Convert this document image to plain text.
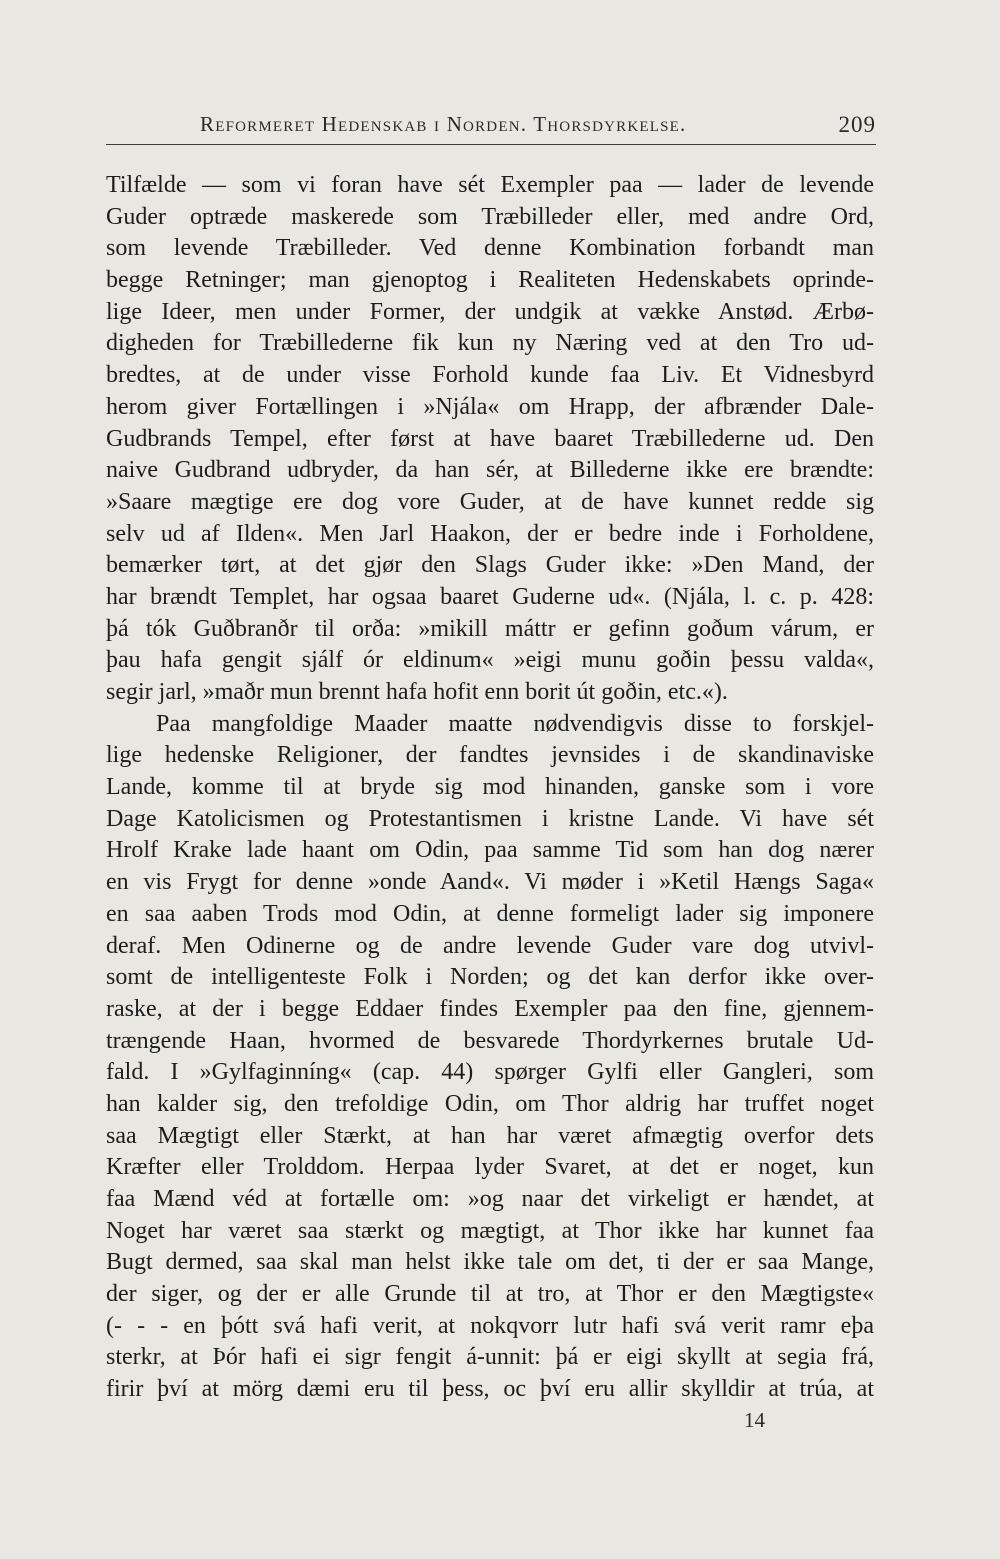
Reformeret Hedenskab i Norden. Thorsdyrkelse.	209
Tilfælde — som vi foran have sét Exempler paa — lader de levende
Guder optræde maskerede som Træbilleder eller, med andre Ord,
som levende Træbilleder. Ved denne Kombination forbandt man
begge Retninger; man gjenoptog i Realiteten Hedenskabets oprinde-
lige Ideer, men under Former, der undgik at vække Anstød. Ærbø-
digheden for Træbillederne fik kun ny Næring ved at den Tro ud-
bredtes, at de under visse Forhold kunde faa Liv. Et Vidnesbyrd
herom giver Fortællingen i »Njála« om Hrapp, der afbrænder Dale-
Gudbrands Tempel, efter først at have baaret Træbillederne ud. Den
naive Gudbrand udbryder, da han sér, at Billederne ikke ere brændte:
»Saare mægtige ere dog vore Guder, at de have kunnet redde sig
selv ud af Ilden«. Men Jarl Haakon, der er bedre inde i Forholdene,
bemærker tørt, at det gjør den Slags Guder ikke: »Den Mand, der
har brændt Templet, har ogsaa baaret Guderne ud«. (Njála, l. c. p. 428:
þá tók Guðbranðr til orða: »mikill máttr er gefinn goðum várum, er
þau hafa gengit sjálf ór eldinum« »eigi munu goðin þessu valda«,
segir jarl, »maðr mun brennt hafa hofit enn borit út goðin, etc.«).
Paa mangfoldige Maader maatte nødvendigvis disse to forskjel-
lige hedenske Religioner, der fandtes jevnsides i de skandinaviske
Lande, komme til at bryde sig mod hinanden, ganske som i vore
Dage Katolicismen og Protestantismen i kristne Lande. Vi have sét
Hrolf Krake lade haant om Odin, paa samme Tid som han dog nærer
en vis Frygt for denne »onde Aand«. Vi møder i »Ketil Hængs Saga«
en saa aaben Trods mod Odin, at denne formeligt lader sig imponere
deraf. Men Odinerne og de andre levende Guder vare dog utvivl-
somt de intelligenteste Folk i Norden; og det kan derfor ikke over-
raske, at der i begge Eddaer findes Exempler paa den fine, gjennem-
trængende Haan, hvormed de besvarede Thordyrkernes brutale Ud-
fald. I »Gylfaginníng« (cap. 44) spørger Gylfi eller Gangleri, som
han kalder sig, den trefoldige Odin, om Thor aldrig har truffet noget
saa Mægtigt eller Stærkt, at han har været afmægtig overfor dets
Kræfter eller Trolddom. Herpaa lyder Svaret, at det er noget, kun
faa Mænd véd at fortælle om: »og naar det virkeligt er hændet, at
Noget har været saa stærkt og mægtigt, at Thor ikke har kunnet faa
Bugt dermed, saa skal man helst ikke tale om det, ti der er saa Mange,
der siger, og der er alle Grunde til at tro, at Thor er den Mægtigste«
(- - - en þótt svá hafi verit, at nokqvorr lutr hafi svá verit ramr eþa
sterkr, at Þór hafi ei sigr fengit á-unnit: þá er eigi skyllt at segia frá,
firir því at mörg dæmi eru til þess, oc því eru allir skylldir at trúa, at
14
